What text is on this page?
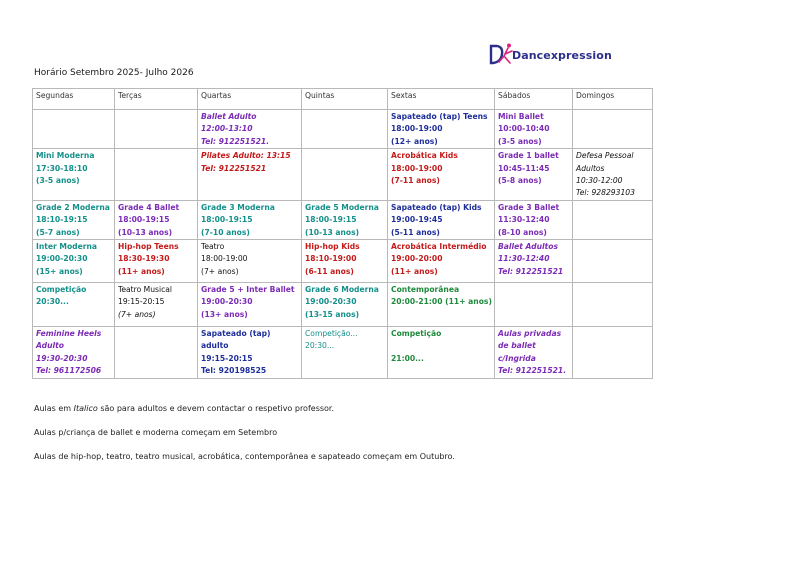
Dancexpression
Horário Setembro 2025- Julho 2026
Segundas	Terças	Quartas	Quintas	Sextas	Sábados	Domingos

		Ballet Adulto
12:00-13:10
Tel: 912251521.		Sapateado (tap) Teens
18:00-19:00
(12+ anos)	Mini Ballet
10:00-10:40
(3-5 anos)	

Mini Moderna
17:30-18:10
(3-5 anos)		Pilates Adulto: 13:15
Tel: 912251521		Acrobática Kids
18:00-19:00
(7-11 anos)	Grade 1 ballet
10:45-11:45
(5-8 anos)	Defesa Pessoal
Adultos
10:30-12:00
Tel: 928293103

Grade 2 Moderna
18:10-19:15
(5-7 anos)	Grade 4 Ballet
18:00-19:15
(10-13 anos)	Grade 3 Moderna
18:00-19:15
(7-10 anos)	Grade 5 Moderna
18:00-19:15
(10-13 anos)	Sapateado (tap) Kids
19:00-19:45
(5-11 anos)	Grade 3 Ballet
11:30-12:40
(8-10 anos)	

Inter Moderna
19:00-20:30
(15+ anos)	Hip-hop Teens
18:30-19:30
(11+ anos)	Teatro
18:00-19:00
(7+ anos)	Hip-hop Kids
18:10-19:00
(6-11 anos)	Acrobática Intermédio
19:00-20:00
(11+ anos)	Ballet Adultos
11:30-12:40
Tel: 912251521	

Competição
20:30...	Teatro Musical
19:15-20:15
(7+ anos)	Grade 5 + Inter Ballet
19:00-20:30
(13+ anos)	Grade 6 Moderna
19:00-20:30
(13-15 anos)	Contemporânea
20:00-21:00 (11+ anos)		

Feminine Heels
Adulto
19:30-20:30
Tel: 961172506		Sapateado (tap)
adulto
19:15-20:15
Tel: 920198525	Competição...
20:30...	Competição
21:00...	Aulas privadas
de ballet
c/Ingrida
Tel: 912251521.	

Aulas em Italico são para adultos e devem contactar o respetivo professor.
Aulas p/criança de ballet e moderna começam em Setembro
Aulas de hip-hop, teatro, teatro musical, acrobática, contemporânea e sapateado começam em Outubro.
